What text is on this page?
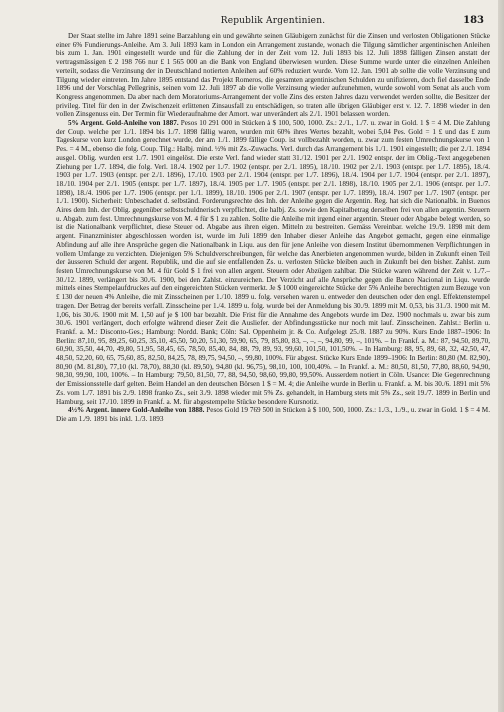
Republik Argentinien.	183

Der Staat stellte im Jahre 1891 seine Barzahlung ein und gewährte seinen Gläubigern zunächst für die Zinsen und verlosten Obligationen Stücke einer 6% Fundierungs-Anleihe. Am 3. Juli 1893 kam in London ein Arrangement zustande, wonach die Tilgung sämtlicher argentinischen Anleihen bis zum 1. Jan. 1901 eingestellt wurde und für die Zahlung der in der Zeit vom 12. Juli 1893 bis 12. Juli 1898 fälligen Zinsen anstatt der vertragsmässigen £ 2 198 766 nur £ 1 565 000 an die Bank von England überwiesen wurden. Diese Summe wurde unter die einzelnen Anleihen verteilt, sodass die Verzinsung der in Deutschland notierten Anleihen auf 60% reduziert wurde. Vom 12. Jan. 1901 ab sollte die volle Verzinsung und Tilgung wieder eintreten. Im Jahre 1895 entstand das Projekt Romeros, die gesamten argentinischen Schulden zu unifizieren, doch fiel dasselbe Ende 1896 und der Vorschlag Pellegrinis, seinen vom 12. Juli 1897 ab die volle Verzinsung wieder aufzunehmen, wurde sowohl vom Senat als auch vom Kongress angenommen. Da aber nach dem Moratoriums-Arrangement der volle Zins des ersten Jahres dazu verwendet werden sollte, die Besitzer der privileg. Titel für den in der Zwischenzeit erlittenen Zinsausfall zu entschädigen, so traten alle übrigen Gläubiger erst v. 12. 7. 1898 wieder in den vollen Zinsgenuss ein. Der Termin für Wiederaufnahme der Amort. war unverändert als 2./1. 1901 belassen worden.

5% Argent. Gold-Anleihe von 1887. Pesos 10 291 000 in Stücken à $ 100, 500, 1000. Zs.: 2./1., 1./7. u. zwar in Gold. 1 $ = 4 M. Die Zahlung der Coup. welche per 1./1. 1894 bis 1./7. 1898 fällig waren, wurden mit 60% ihres Wertes bezahlt, wobei 5,04 Pes. Gold = 1 £ und das £ zum Tageskurse von kurz London gerechnet wurde, der am 1./1. 1899 fällige Coup. ist vollbezahlt worden, u. zwar zum festen Umrechnungskurse von 1 Pes. = 4 M., ebenso die folg. Coup. Tilg.: Halbj. mind. ½% mit Zs.-Zuwachs. Verl. durch das Arrangement bis 1./1. 1901 eingestellt; die per 2./1. 1894 ausgel. Oblig. wurden erst 1./7. 1901 eingelöst. Die erste Verl. fand wieder statt 31./12. 1901 per 2./1. 1902 entspr. der im Oblig.-Text angegebenen Ziehung per 1./7. 1894, die folg. Verl. 18./4. 1902 per 1./7. 1902 (entspr. per 2./1. 1895), 18./10. 1902 per 2./1. 1903 (entspr. per 1./7. 1895), 18./4. 1903 per 1./7. 1903 (entspr. per 2./1. 1896), 17./10. 1903 per 2./1. 1904 (entspr. per 1./7. 1896), 18./4. 1904 per 1./7. 1904 (entspr. per 2./1. 1897), 18./10. 1904 per 2./1. 1905 (entspr. per 1./7. 1897), 18./4. 1905 per 1./7. 1905 (entspr. per 2./1. 1898), 18./10. 1905 per 2./1. 1906 (entspr. per 1./7. 1898), 18./4. 1906 per 1./7. 1906 (entspr. per 1./1. 1899), 18./10. 1906 per 2./1. 1907 (entspr. per 1./7. 1899), 18./4. 1907 per 1./7. 1907 (entspr. per 1./1. 1900). Sicherheit: Unbeschadet d. selbständ. Forderungsrechte des Inh. der Anleihe gegen die Argentin. Reg. hat sich die Nationalbk. in Buenos Aires dem Inh. der Oblig. gegenüber selbstschuldnerisch verpflichtet, die halbj. Zs. sowie den Kapitalbetrag derselben frei von allen argentin. Steuern u. Abgab. zum fest. Umrechnungskurse von M. 4 für $ 1 zu zahlen. Sollte die Anleihe mit irgend einer argentin. Steuer oder Abgabe belegt werden, so ist die Nationalbank verpflichtet, diese Steuer od. Abgabe aus ihren eigen. Mitteln zu bestreiten. Gemäss Vereinbar. welche 19./9. 1898 mit dem argent. Finanzminister abgeschlossen worden ist, wurde im Juli 1899 den Inhaber dieser Anleihe das Angebot gemacht, gegen eine einmalige Abfindung auf alle ihre Ansprüche gegen die Nationalbank in Liqu. aus den für jene Anleihe von diesem Institut übernommenen Verpflichtungen in vollem Umfange zu verzichten. Diejenigen 5% Schuldverschreibungen, für welche das Anerbieten angenommen wurde, bilden in Zukunft einen Teil der äusseren Schuld der argent. Republik, und die auf sie entfallenden Zs. u. verlosten Stücke bleiben auch in Zukunft bei den bisher. Zahlst. zum festen Umrechnungskurse von M. 4 für Gold $ 1 frei von allen argent. Steuern oder Abzügen zahlbar. Die Stücke waren während der Zeit v. 1./7.–30./12. 1899, verlängert bis 30./6. 1900, bei den Zahlst. einzureichen. Der Verzicht auf alle Ansprüche gegen die Banco Nacional in Liqu. wurde mittels eines Stempelaufdruckes auf den eingereichten Stücken vermerkt. Je $ 1000 eingereichte Stücke der 5% Anleihe berechtigten zum Bezuge von £ 130 der neuen 4% Anleihe, die mit Zinsscheinen per 1./10. 1899 u. folg. versehen waren u. entweder den deutschen oder den engl. Effektenstempel tragen. Der Betrag der bereits verfall. Zinsscheine per 1./4. 1899 u. folg. wurde bei der Anmeldung bis 30./9. 1899 mit M. 0,53, bis 31./3. 1900 mit M. 1,06, bis 30./6. 1900 mit M. 1,50 auf je $ 100 bar bezahlt. Die Frist für die Annahme des Angebots wurde im Dez. 1900 nochmals u. zwar bis zum 30./6. 1901 verlängert, doch erfolgte während dieser Zeit die Ausliefer. der Abfindungsstücke nur noch mit lauf. Zinsscheinen. Zahlst.: Berlin u. Frankf. a. M.: Disconto-Ges.; Hamburg: Nordd. Bank; Cöln: Sal. Oppenheim jr. & Co. Aufgelegt 25./8. 1887 zu 90%. Kurs Ende 1887–1906: In Berlin: 87,10, 95, 89,25, 60,25, 35,10, 45,50, 50,20, 51,30, 59,90, 65, 79, 85,80, 83, –, –, –, 94,80, 99, –, 101%. – In Frankf. a. M.: 87, 94,50, 89,70, 60,90, 35,50, 44,70, 49,80, 51,95, 58,45, 65, 78,50, 85,40, 84, 88, 79, 89, 93, 99,60, 101,50, 101,50%. – In Hamburg: 88, 95, 89, 68, 32, 42,50, 47, 48,50, 52,20, 60, 65, 75,60, 85, 82,50, 84,25, 78, 89,75, 94,50, –, 99,80, 100%. Für abgest. Stücke Kurs Ende 1899–1906: In Berlin: 80,80 (M. 82,90), 80,90 (M. 81,80), 77,10 (kl. 78,70), 88,30 (kl. 89,50), 94,80 (kl. 96,75), 98,10, 100, 100,40%. – In Frankf. a. M.: 80,50, 81,50, 77,80, 88,60, 94,90, 98,30, 99,90, 100, 100%. – In Hamburg: 79,50, 81,50, 77, 88, 94,50, 98,60, 99,80, 99,50%. Ausserdem notiert in Cöln. Usance: Die Gegenrechnung der Emissionsstelle darf gelten. Beim Handel an den deutschen Börsen 1 $ = M. 4; die Anleihe wurde in Berlin u. Frankf. a. M. bis 30./6. 1891 mit 5% Zs. vom 1./7. 1891 bis 2./9. 1898 franko Zs., seit 3./9. 1898 wieder mit 5% Zs. gehandelt, in Hamburg stets mit 5% Zs., seit 19./7. 1899 in Berlin und Hamburg, seit 17./10. 1899 in Frankf. a. M. für abgestempelte Stücke besondere Kursnotiz.

4½% Argent. innere Gold-Anleihe von 1888. Pesos Gold 19 769 500 in Stücken à $ 100, 500, 1000. Zs.: 1./3., 1./9., u. zwar in Gold. 1 $ = 4 M. Die am 1./9. 1891 bis inkl. 1./3. 1893
